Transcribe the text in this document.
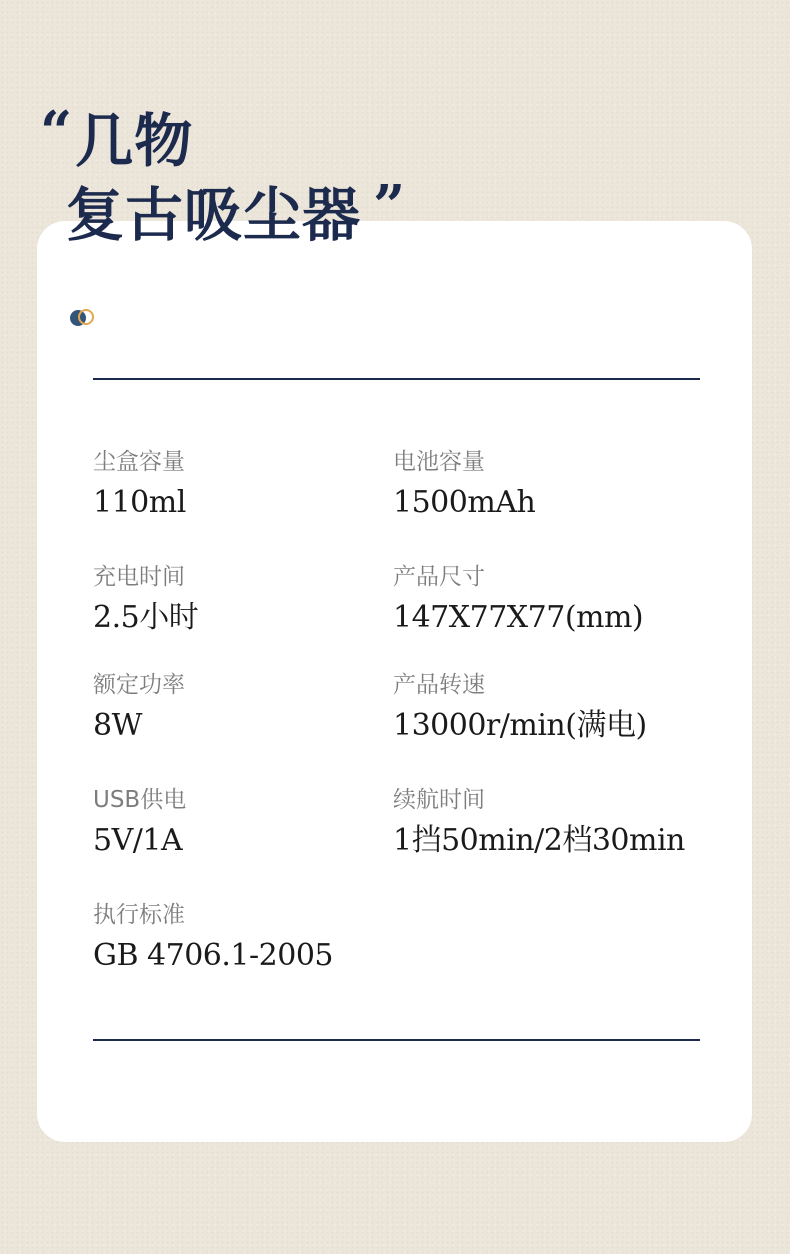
“ 几物
复古吸尘器 ”
尘盒容量
110ml
电池容量
1500mAh
充电时间
2.5小时
产品尺寸
147X77X77(mm)
额定功率
8W
产品转速
13000r/min(满电)
USB供电
5V/1A
续航时间
1挡50min/2档30min
执行标准
GB 4706.1-2005
